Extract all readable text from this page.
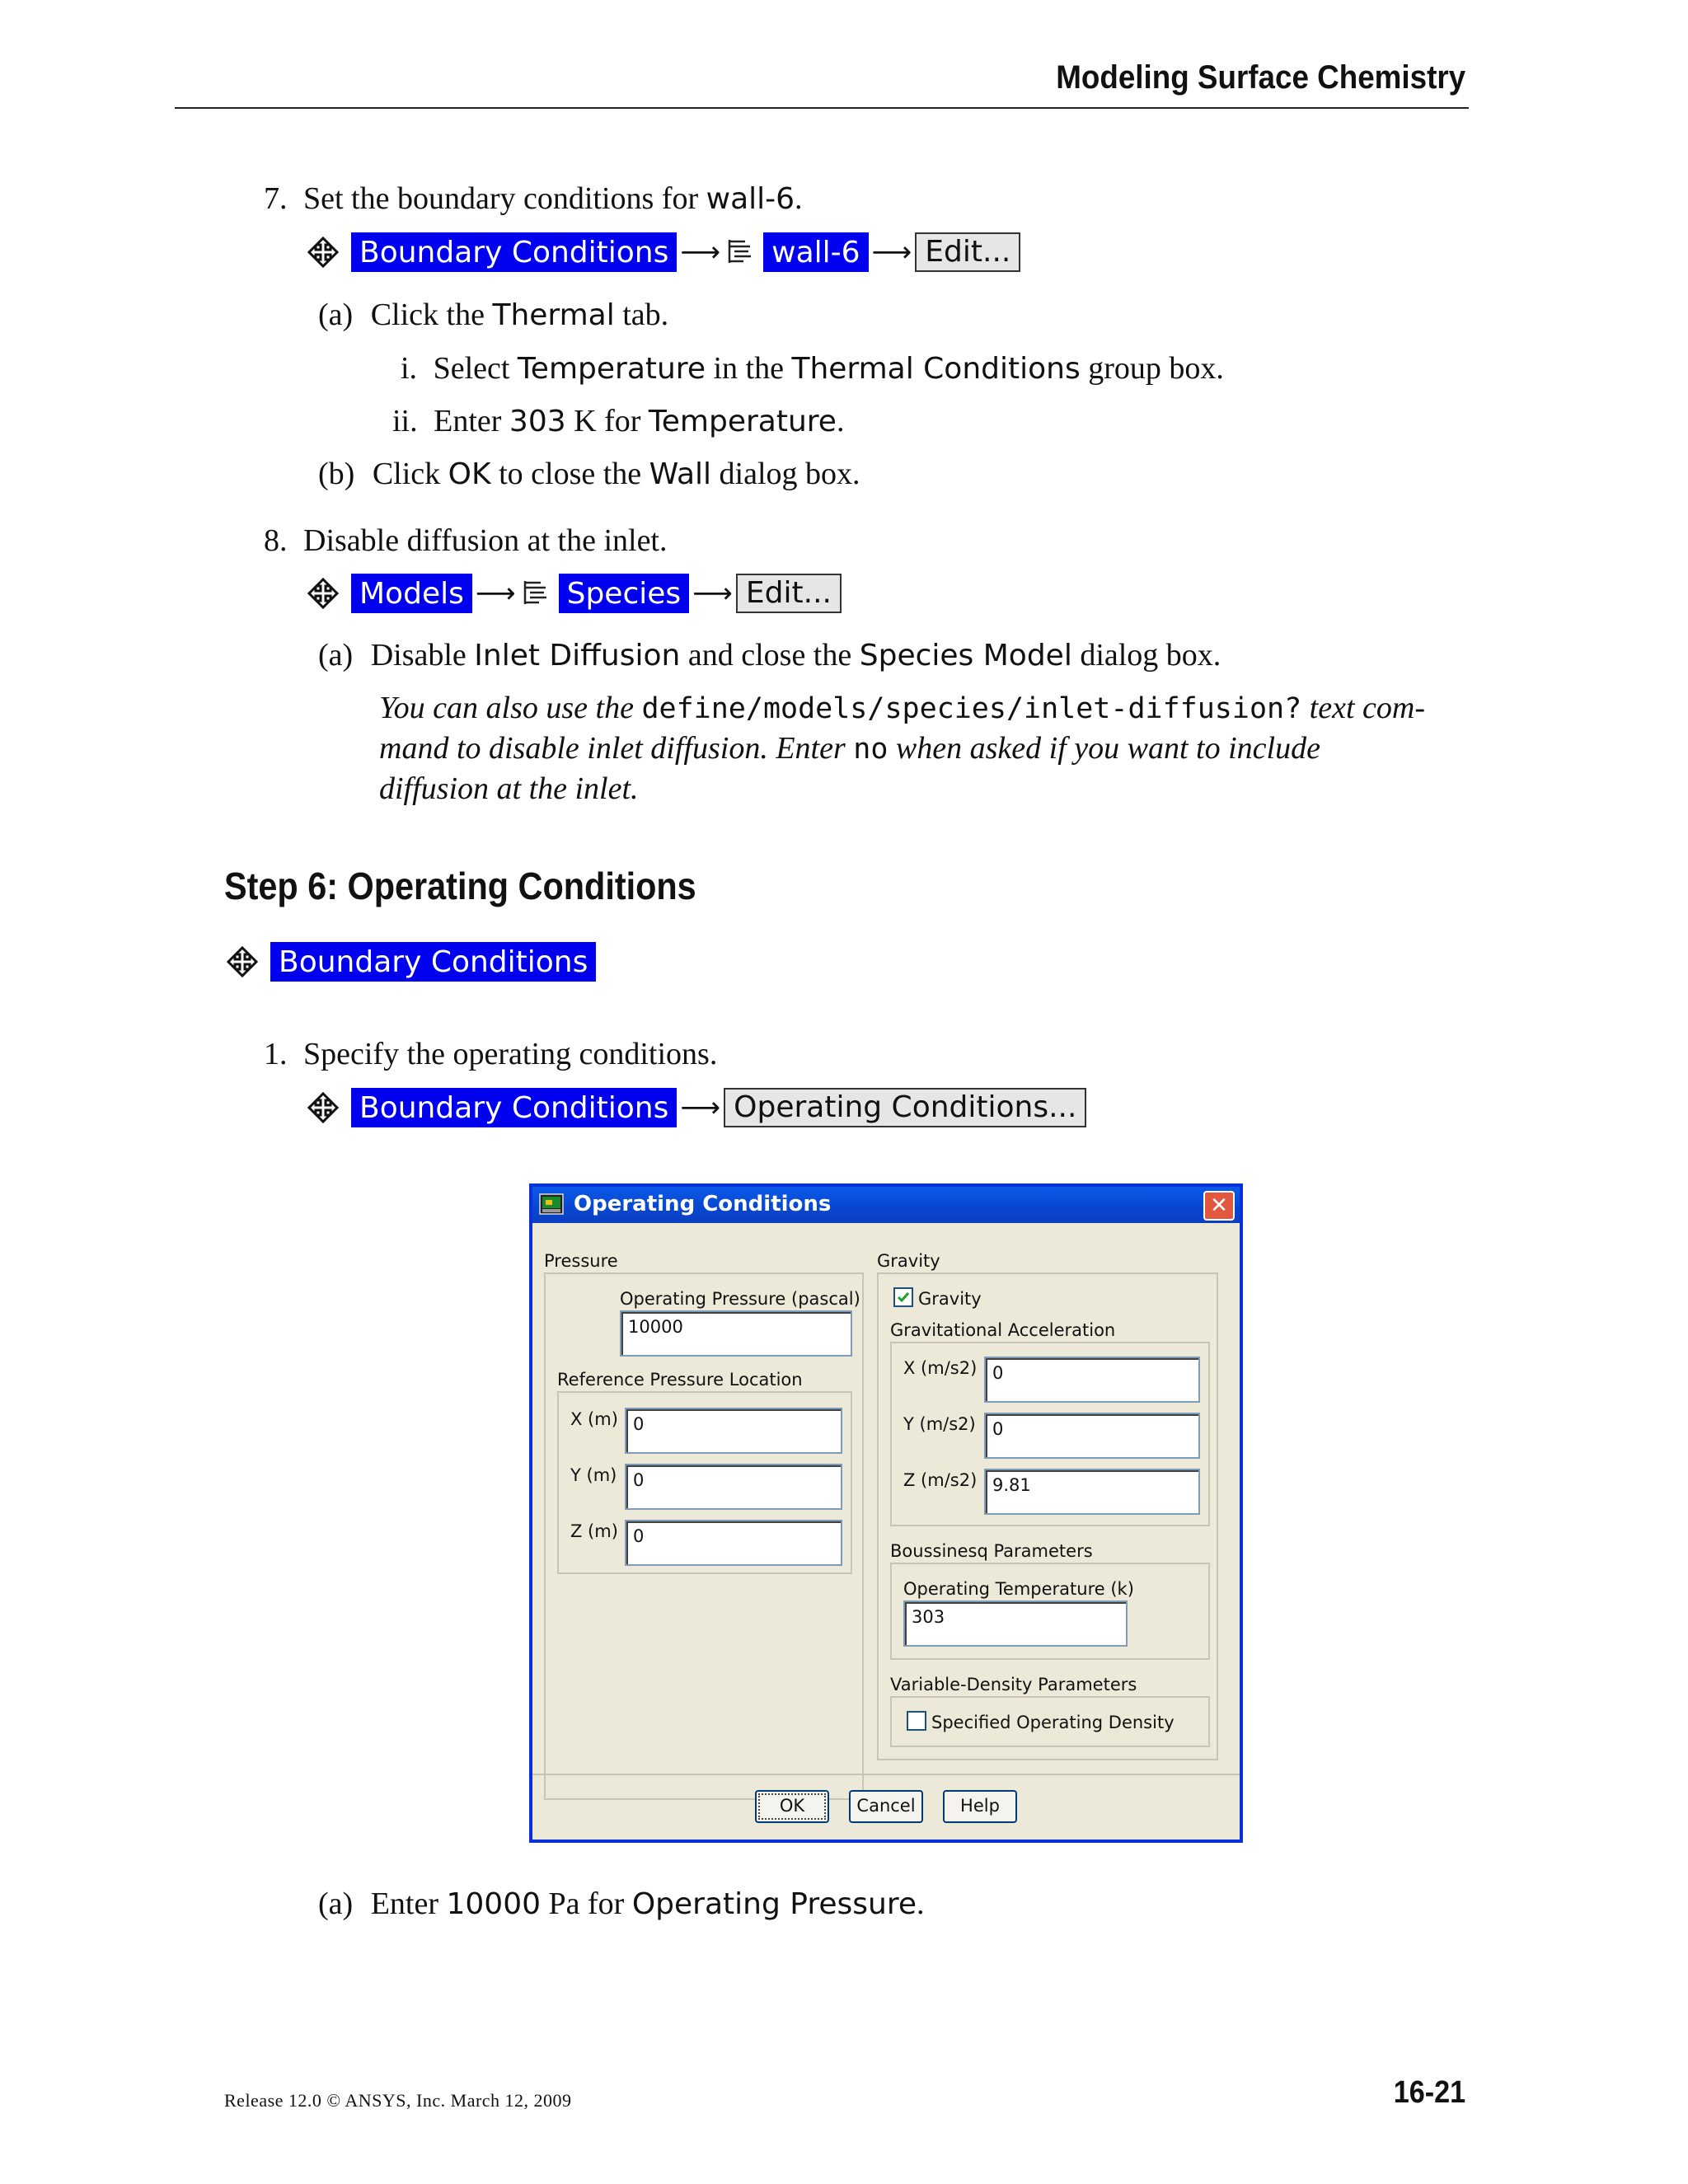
Modeling Surface Chemistry
7. Set the boundary conditions for wall-6.
Boundary Conditions ⟶ wall-6 ⟶ Edit...
(a) Click the Thermal tab.
i. Select Temperature in the Thermal Conditions group box.
ii. Enter 303 K for Temperature.
(b) Click OK to close the Wall dialog box.
8. Disable diffusion at the inlet.
Models ⟶ Species ⟶ Edit...
(a) Disable Inlet Diffusion and close the Species Model dialog box.
You can also use the define/models/species/inlet-diffusion? text com-
mand to disable inlet diffusion. Enter no when asked if you want to include
diffusion at the inlet.
Step 6: Operating Conditions
Boundary Conditions
1. Specify the operating conditions.
Boundary Conditions ⟶ Operating Conditions...
Operating Conditions	✕
Pressure
Operating Pressure (pascal)
10000
Reference Pressure Location
X (m) 0
Y (m) 0
Z (m) 0
Gravity
Gravity
Gravitational Acceleration
X (m/s2) 0
Y (m/s2) 0
Z (m/s2) 9.81
Boussinesq Parameters
Operating Temperature (k)
303
Variable-Density Parameters
Specified Operating Density
OK	Cancel	Help
(a) Enter 10000 Pa for Operating Pressure.
Release 12.0 © ANSYS, Inc. March 12, 2009	16-21
